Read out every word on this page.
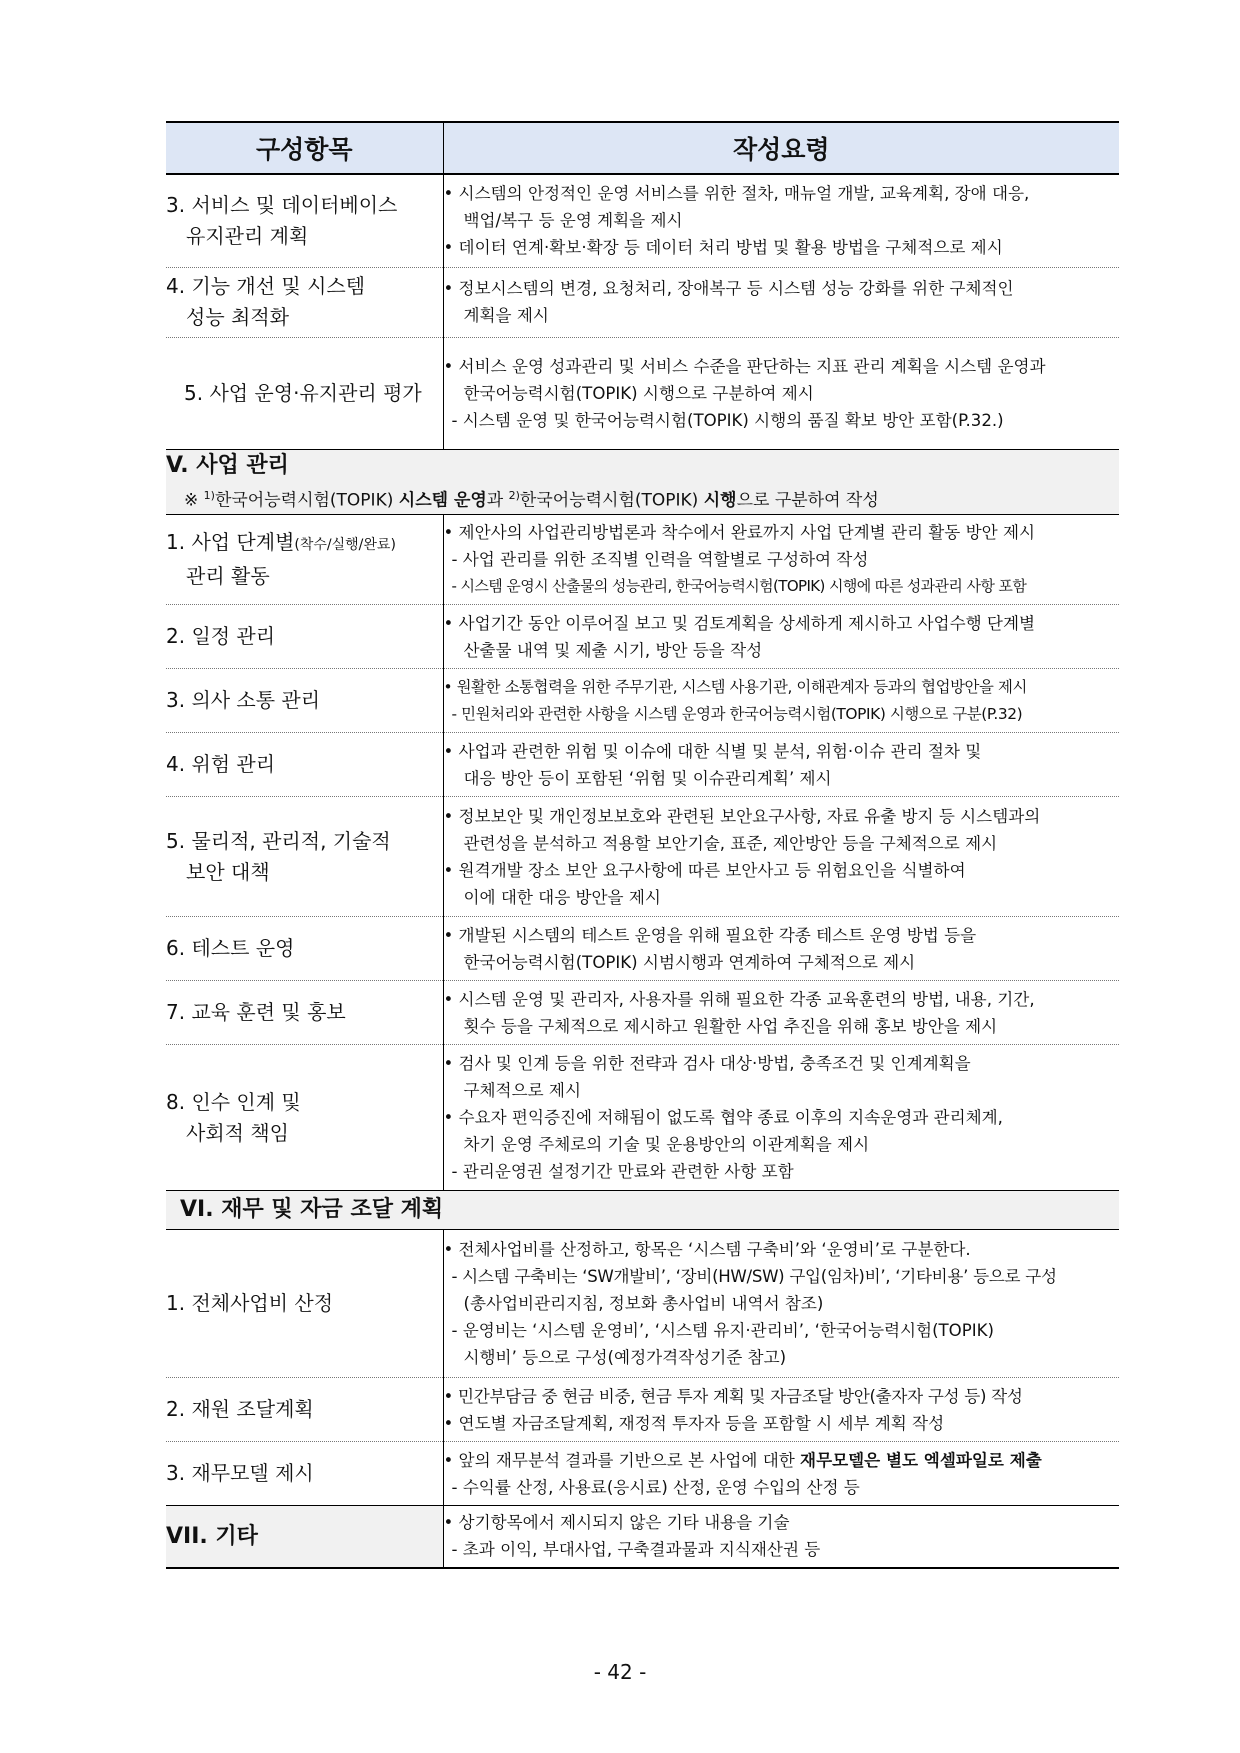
구성항목	작성요령

3. 서비스 및 데이터베이스
유지관리 계획	• 시스템의 안정적인 운영 서비스를 위한 절차, 매뉴얼 개발, 교육계획, 장애 대응,
백업/복구 등 운영 계획을 제시
• 데이터 연계·확보·확장 등 데이터 처리 방법 및 활용 방법을 구체적으로 제시

4. 기능 개선 및 시스템
성능 최적화	• 정보시스템의 변경, 요청처리, 장애복구 등 시스템 성능 강화를 위한 구체적인
계획을 제시

5. 사업 운영·유지관리 평가	• 서비스 운영 성과관리 및 서비스 수준을 판단하는 지표 관리 계획을 시스템 운영과
한국어능력시험(TOPIK) 시행으로 구분하여 제시
- 시스템 운영 및 한국어능력시험(TOPIK) 시행의 품질 확보 방안 포함(P.32.)

V. 사업 관리
※ $^{1)}$한국어능력시험(TOPIK) 시스템 운영과 $^{2)}$한국어능력시험(TOPIK) 시행으로 구분하여 작성	

1. 사업 단계별(착수/실행/완료)
관리 활동	• 제안사의 사업관리방법론과 착수에서 완료까지 사업 단계별 관리 활동 방안 제시
- 사업 관리를 위한 조직별 인력을 역할별로 구성하여 작성
- 시스템 운영시 산출물의 성능관리, 한국어능력시험(TOPIK) 시행에 따른 성과관리 사항 포함

2. 일정 관리	• 사업기간 동안 이루어질 보고 및 검토계획을 상세하게 제시하고 사업수행 단계별
산출물 내역 및 제출 시기, 방안 등을 작성

3. 의사 소통 관리	• 원활한 소통협력을 위한 주무기관, 시스템 사용기관, 이해관계자 등과의 협업방안을 제시
- 민원처리와 관련한 사항을 시스템 운영과 한국어능력시험(TOPIK) 시행으로 구분(P.32)

4. 위험 관리	• 사업과 관련한 위험 및 이슈에 대한 식별 및 분석, 위험·이슈 관리 절차 및
대응 방안 등이 포함된 ‘위험 및 이슈관리계획’ 제시

5. 물리적, 관리적, 기술적
보안 대책	• 정보보안 및 개인정보보호와 관련된 보안요구사항, 자료 유출 방지 등 시스템과의
관련성을 분석하고 적용할 보안기술, 표준, 제안방안 등을 구체적으로 제시
• 원격개발 장소 보안 요구사항에 따른 보안사고 등 위험요인을 식별하여
이에 대한 대응 방안을 제시

6. 테스트 운영	• 개발된 시스템의 테스트 운영을 위해 필요한 각종 테스트 운영 방법 등을
한국어능력시험(TOPIK) 시범시행과 연계하여 구체적으로 제시

7. 교육 훈련 및 홍보	• 시스템 운영 및 관리자, 사용자를 위해 필요한 각종 교육훈련의 방법, 내용, 기간,
횟수 등을 구체적으로 제시하고 원활한 사업 추진을 위해 홍보 방안을 제시

8. 인수 인계 및
사회적 책임	• 검사 및 인계 등을 위한 전략과 검사 대상·방법, 충족조건 및 인계계획을
구체적으로 제시
• 수요자 편익증진에 저해됨이 없도록 협약 종료 이후의 지속운영과 관리체계,
차기 운영 주체로의 기술 및 운용방안의 이관계획을 제시
- 관리운영권 설정기간 만료와 관련한 사항 포함

VI. 재무 및 자금 조달 계획	

1. 전체사업비 산정	• 전체사업비를 산정하고, 항목은 ‘시스템 구축비’와 ‘운영비’로 구분한다.
- 시스템 구축비는 ‘SW개발비’, ‘장비(HW/SW) 구입(임차)비’, ‘기타비용’ 등으로 구성
(총사업비관리지침, 정보화 총사업비 내역서 참조)
- 운영비는 ‘시스템 운영비’, ‘시스템 유지·관리비’, ‘한국어능력시험(TOPIK)
시행비’ 등으로 구성(예정가격작성기준 참고)

2. 재원 조달계획	• 민간부담금 중 현금 비중, 현금 투자 계획 및 자금조달 방안(출자자 구성 등) 작성
• 연도별 자금조달계획, 재정적 투자자 등을 포함할 시 세부 계획 작성

3. 재무모델 제시	• 앞의 재무분석 결과를 기반으로 본 사업에 대한 재무모델은 별도 엑셀파일로 제출
- 수익률 산정, 사용료(응시료) 산정, 운영 수입의 산정 등

VII. 기타	• 상기항목에서 제시되지 않은 기타 내용을 기술
- 초과 이익, 부대사업, 구축결과물과 지식재산권 등
- 42 -
